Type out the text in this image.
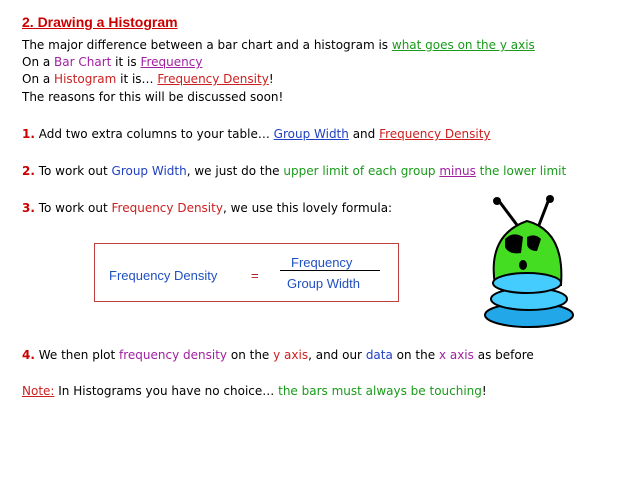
2. Drawing a Histogram
The major difference between a bar chart and a histogram is what goes on the y axis
On a Bar Chart it is Frequency
On a Histogram it is… Frequency Density!
The reasons for this will be discussed soon!
1. Add two extra columns to your table… Group Width and Frequency Density
2. To work out Group Width, we just do the upper limit of each group minus the lower limit
3. To work out Frequency Density, we use this lovely formula:
Frequency Density	=
Frequency
Group Width
4. We then plot frequency density on the y axis, and our data on the x axis as before
Note: In Histograms you have no choice… the bars must always be touching!
